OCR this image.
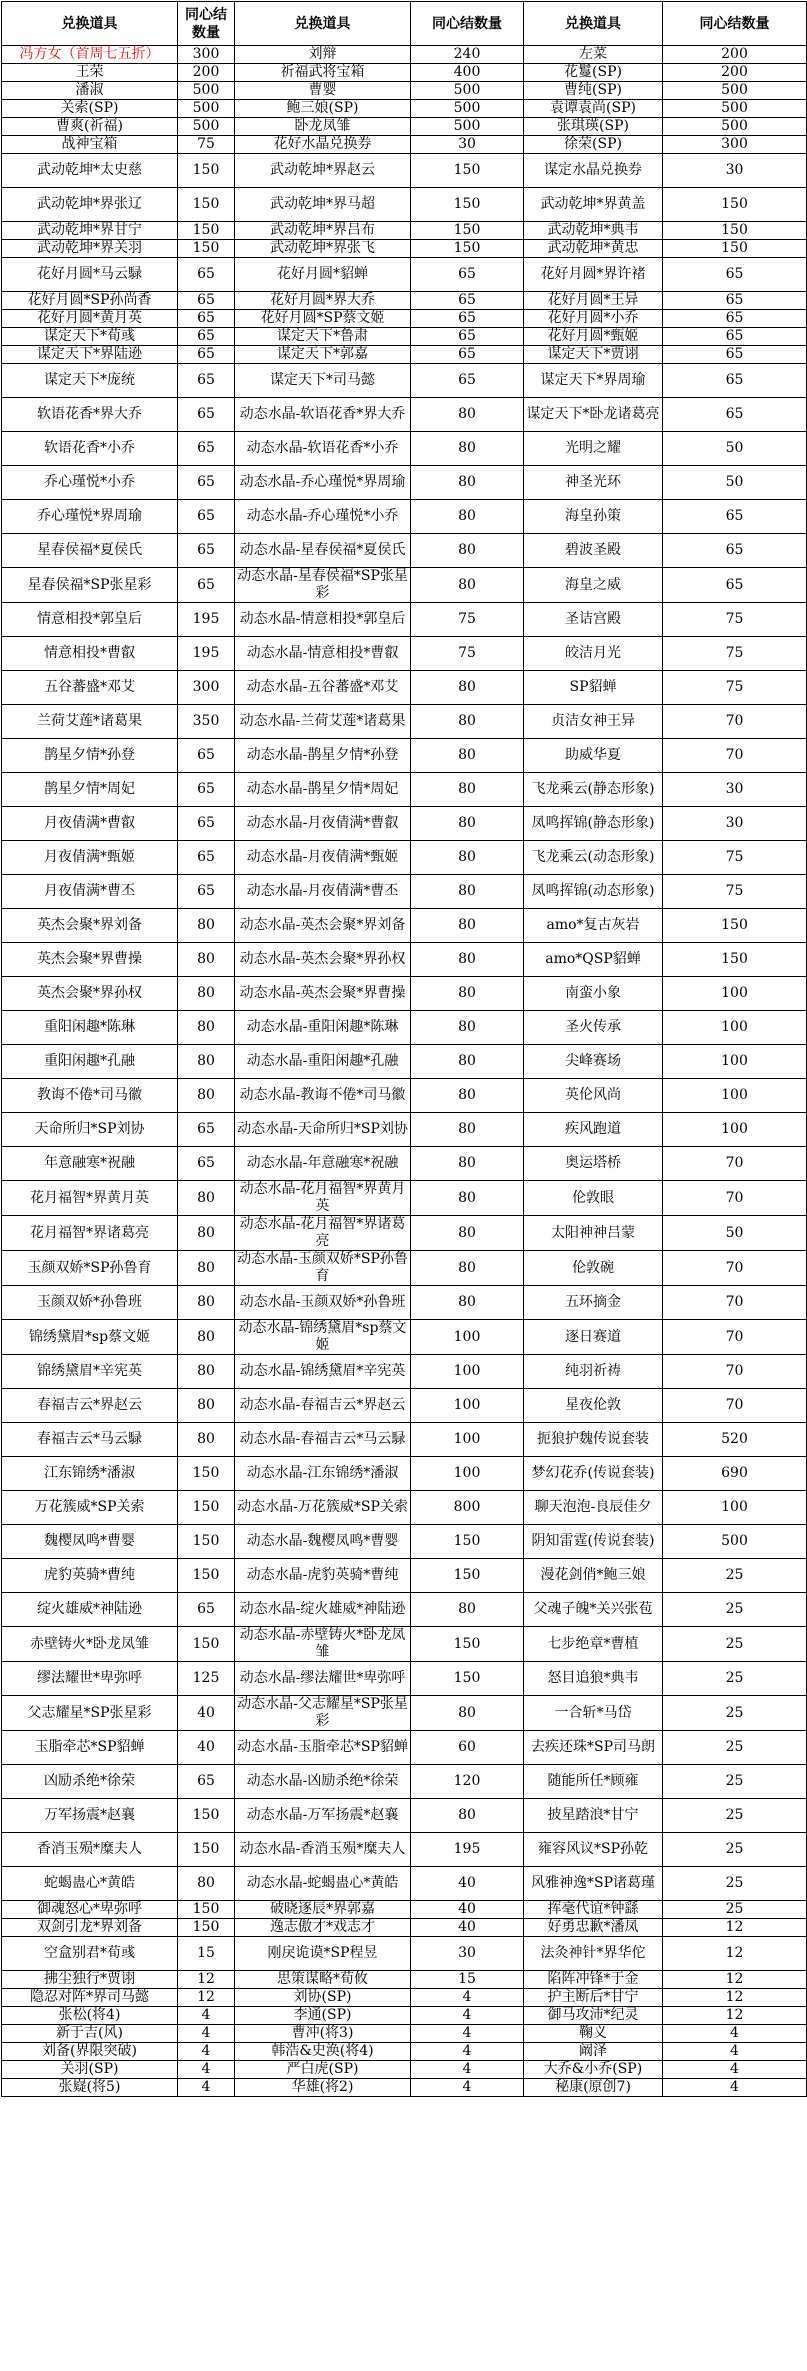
兑换道具	同心结数量	兑换道具	同心结数量	兑换道具	同心结数量
冯方女（首周七五折）	300	刘辩	240	左菜	200
王荣	200	祈福武将宝箱	400	花鬘(SP)	200
潘淑	500	曹婴	500	曹纯(SP)	500
关索(SP)	500	鲍三娘(SP)	500	袁谭袁尚(SP)	500
曹爽(祈福)	500	卧龙凤雏	500	张琪瑛(SP)	500
战神宝箱	75	花好水晶兑换券	30	徐荣(SP)	300
武动乾坤*太史慈	150	武动乾坤*界赵云	150	谋定水晶兑换券	30
武动乾坤*界张辽	150	武动乾坤*界马超	150	武动乾坤*界黄盖	150
武动乾坤*界甘宁	150	武动乾坤*界吕布	150	武动乾坤*典韦	150
武动乾坤*界关羽	150	武动乾坤*界张飞	150	武动乾坤*黄忠	150
花好月圆*马云騄	65	花好月圆*貂蝉	65	花好月圆*界许褚	65
花好月圆*SP孙尚香	65	花好月圆*界大乔	65	花好月圆*王异	65
花好月圆*黄月英	65	花好月圆*SP蔡文姬	65	花好月圆*小乔	65
谋定天下*荀彧	65	谋定天下*鲁肃	65	花好月圆*甄姬	65
谋定天下*界陆逊	65	谋定天下*郭嘉	65	谋定天下*贾诩	65
谋定天下*庞统	65	谋定天下*司马懿	65	谋定天下*界周瑜	65
软语花香*界大乔	65	动态水晶-软语花香*界大乔	80	谋定天下*卧龙诸葛亮	65
软语花香*小乔	65	动态水晶-软语花香*小乔	80	光明之耀	50
乔心瑾悦*小乔	65	动态水晶-乔心瑾悦*界周瑜	80	神圣光环	50
乔心瑾悦*界周瑜	65	动态水晶-乔心瑾悦*小乔	80	海皇孙策	65
星春侯福*夏侯氏	65	动态水晶-星春侯福*夏侯氏	80	碧波圣殿	65
星春侯福*SP张星彩	65	动态水晶-星春侯福*SP张星彩	80	海皇之威	65
情意相投*郭皇后	195	动态水晶-情意相投*郭皇后	75	圣诘宫殿	75
情意相投*曹叡	195	动态水晶-情意相投*曹叡	75	皎洁月光	75
五谷蕃盛*邓艾	300	动态水晶-五谷蕃盛*邓艾	80	SP貂蝉	75
兰荷艾莲*诸葛果	350	动态水晶-兰荷艾莲*诸葛果	80	贞洁女神王异	70
鹊星夕情*孙登	65	动态水晶-鹊星夕情*孙登	80	助威华夏	70
鹊星夕情*周妃	65	动态水晶-鹊星夕情*周妃	80	飞龙乘云(静态形象)	30
月夜倩满*曹叡	65	动态水晶-月夜倩满*曹叡	80	凤鸣挥锦(静态形象)	30
月夜倩满*甄姬	65	动态水晶-月夜倩满*甄姬	80	飞龙乘云(动态形象)	75
月夜倩满*曹丕	65	动态水晶-月夜倩满*曹丕	80	凤鸣挥锦(动态形象)	75
英杰会聚*界刘备	80	动态水晶-英杰会聚*界刘备	80	amo*复古灰岩	150
英杰会聚*界曹操	80	动态水晶-英杰会聚*界孙权	80	amo*QSP貂蝉	150
英杰会聚*界孙权	80	动态水晶-英杰会聚*界曹操	80	南蛮小象	100
重阳闲趣*陈琳	80	动态水晶-重阳闲趣*陈琳	80	圣火传承	100
重阳闲趣*孔融	80	动态水晶-重阳闲趣*孔融	80	尖峰赛场	100
教诲不倦*司马徽	80	动态水晶-教诲不倦*司马徽	80	英伦风尚	100
天命所归*SP刘协	65	动态水晶-天命所归*SP刘协	80	疾风跑道	100
年意融寒*祝融	65	动态水晶-年意融寒*祝融	80	奥运塔桥	70
花月福智*界黄月英	80	动态水晶-花月福智*界黄月英	80	伦敦眼	70
花月福智*界诸葛亮	80	动态水晶-花月福智*界诸葛亮	80	太阳神神吕蒙	50
玉颜双娇*SP孙鲁育	80	动态水晶-玉颜双娇*SP孙鲁育	80	伦敦碗	70
玉颜双娇*孙鲁班	80	动态水晶-玉颜双娇*孙鲁班	80	五环摘金	70
锦绣黛眉*sp蔡文姬	80	动态水晶-锦绣黛眉*sp蔡文姬	100	逐日赛道	70
锦绣黛眉*辛宪英	80	动态水晶-锦绣黛眉*辛宪英	100	纯羽祈祷	70
春福吉云*界赵云	80	动态水晶-春福吉云*界赵云	100	星夜伦敦	70
春福吉云*马云騄	80	动态水晶-春福吉云*马云騄	100	扼狼护魏传说套装	520
江东锦绣*潘淑	150	动态水晶-江东锦绣*潘淑	100	梦幻花乔(传说套装)	690
万花簇威*SP关索	150	动态水晶-万花簇威*SP关索	800	聊天泡泡-良辰佳夕	100
魏樱凤鸣*曹婴	150	动态水晶-魏樱凤鸣*曹婴	150	阴知雷霆(传说套装)	500
虎豹英骑*曹纯	150	动态水晶-虎豹英骑*曹纯	150	漫花剑俏*鲍三娘	25
绽火雄威*神陆逊	65	动态水晶-绽火雄威*神陆逊	80	父魂子魄*关兴张苞	25
赤壁铸火*卧龙凤雏	150	动态水晶-赤壁铸火*卧龙凤雏	150	七步绝章*曹植	25
缪法耀世*卑弥呼	125	动态水晶-缪法耀世*卑弥呼	150	怒目追狼*典韦	25
父志耀星*SP张星彩	40	动态水晶-父志耀星*SP张星彩	80	一合斩*马岱	25
玉脂牵芯*SP貂蝉	40	动态水晶-玉脂牵芯*SP貂蝉	60	去疾还珠*SP司马朗	25
凶励杀绝*徐荣	65	动态水晶-凶励杀绝*徐荣	120	随能所任*顾雍	25
万军扬震*赵襄	150	动态水晶-万军扬震*赵襄	80	披星踏浪*甘宁	25
香消玉殒*糜夫人	150	动态水晶-香消玉殒*糜夫人	195	雍容风议*SP孙乾	25
蛇蝎蛊心*黄皓	80	动态水晶-蛇蝎蛊心*黄皓	40	风雅神逸*SP诸葛瑾	25
御魂怒心*卑弥呼	150	破晓逐辰*界郭嘉	40	挥毫代谊*钟繇	25
双剑引龙*界刘备	150	逸志傲才*戏志才	40	好勇忠歉*潘凤	12
空盒别君*荀彧	15	刚戾诡谟*SP程昱	30	法灸神针*界华佗	12
拂尘独行*贾诩	12	思策谋略*荀攸	15	陷阵冲锋*于金	12
隐忍对阵*界司马懿	12	刘协(SP)	4	护主断后*甘宁	12
张松(将4)	4	李通(SP)	4	御马攻沛*纪灵	12
新于吉(风)	4	曹冲(将3)	4	鞠义	4
刘备(界限突破)	4	韩浩&史涣(将4)	4	阚泽	4
关羽(SP)	4	严白虎(SP)	4	大乔&小乔(SP)	4
张嶷(将5)	4	华雄(将2)	4	秘康(原创7)	4
